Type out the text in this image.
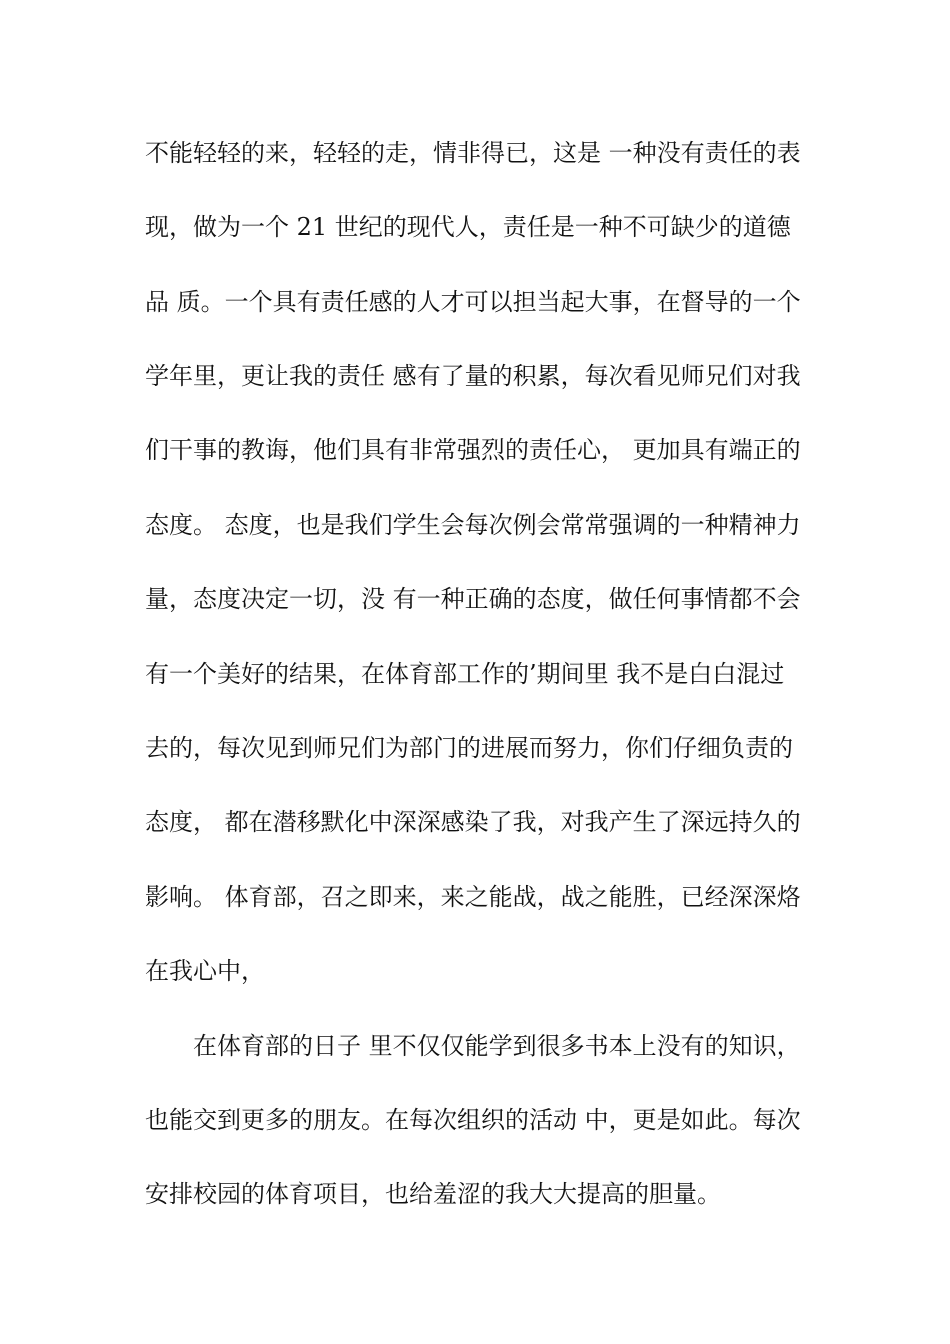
不能轻轻的来，轻轻的走，情非得已，这是 一种没有责任的表
现，做为一个 21 世纪的现代人，责任是一种不可缺少的道德
品 质。一个具有责任感的人才可以担当起大事，在督导的一个
学年里，更让我的责任 感有了量的积累，每次看见师兄们对我
们干事的教诲，他们具有非常强烈的责任心， 更加具有端正的
态度。 态度，也是我们学生会每次例会常常强调的一种精神力
量，态度决定一切，没 有一种正确的态度，做任何事情都不会
有一个美好的结果，在体育部工作的’期间里 我不是白白混过
去的，每次见到师兄们为部门的进展而努力，你们仔细负责的
态度， 都在潜移默化中深深感染了我，对我产生了深远持久的
影响。 体育部，召之即来，来之能战，战之能胜，已经深深烙
在我心中，
在体育部的日子 里不仅仅能学到很多书本上没有的知识，
也能交到更多的朋友。在每次组织的活动 中，更是如此。每次
安排校园的体育项目，也给羞涩的我大大提高的胆量。
